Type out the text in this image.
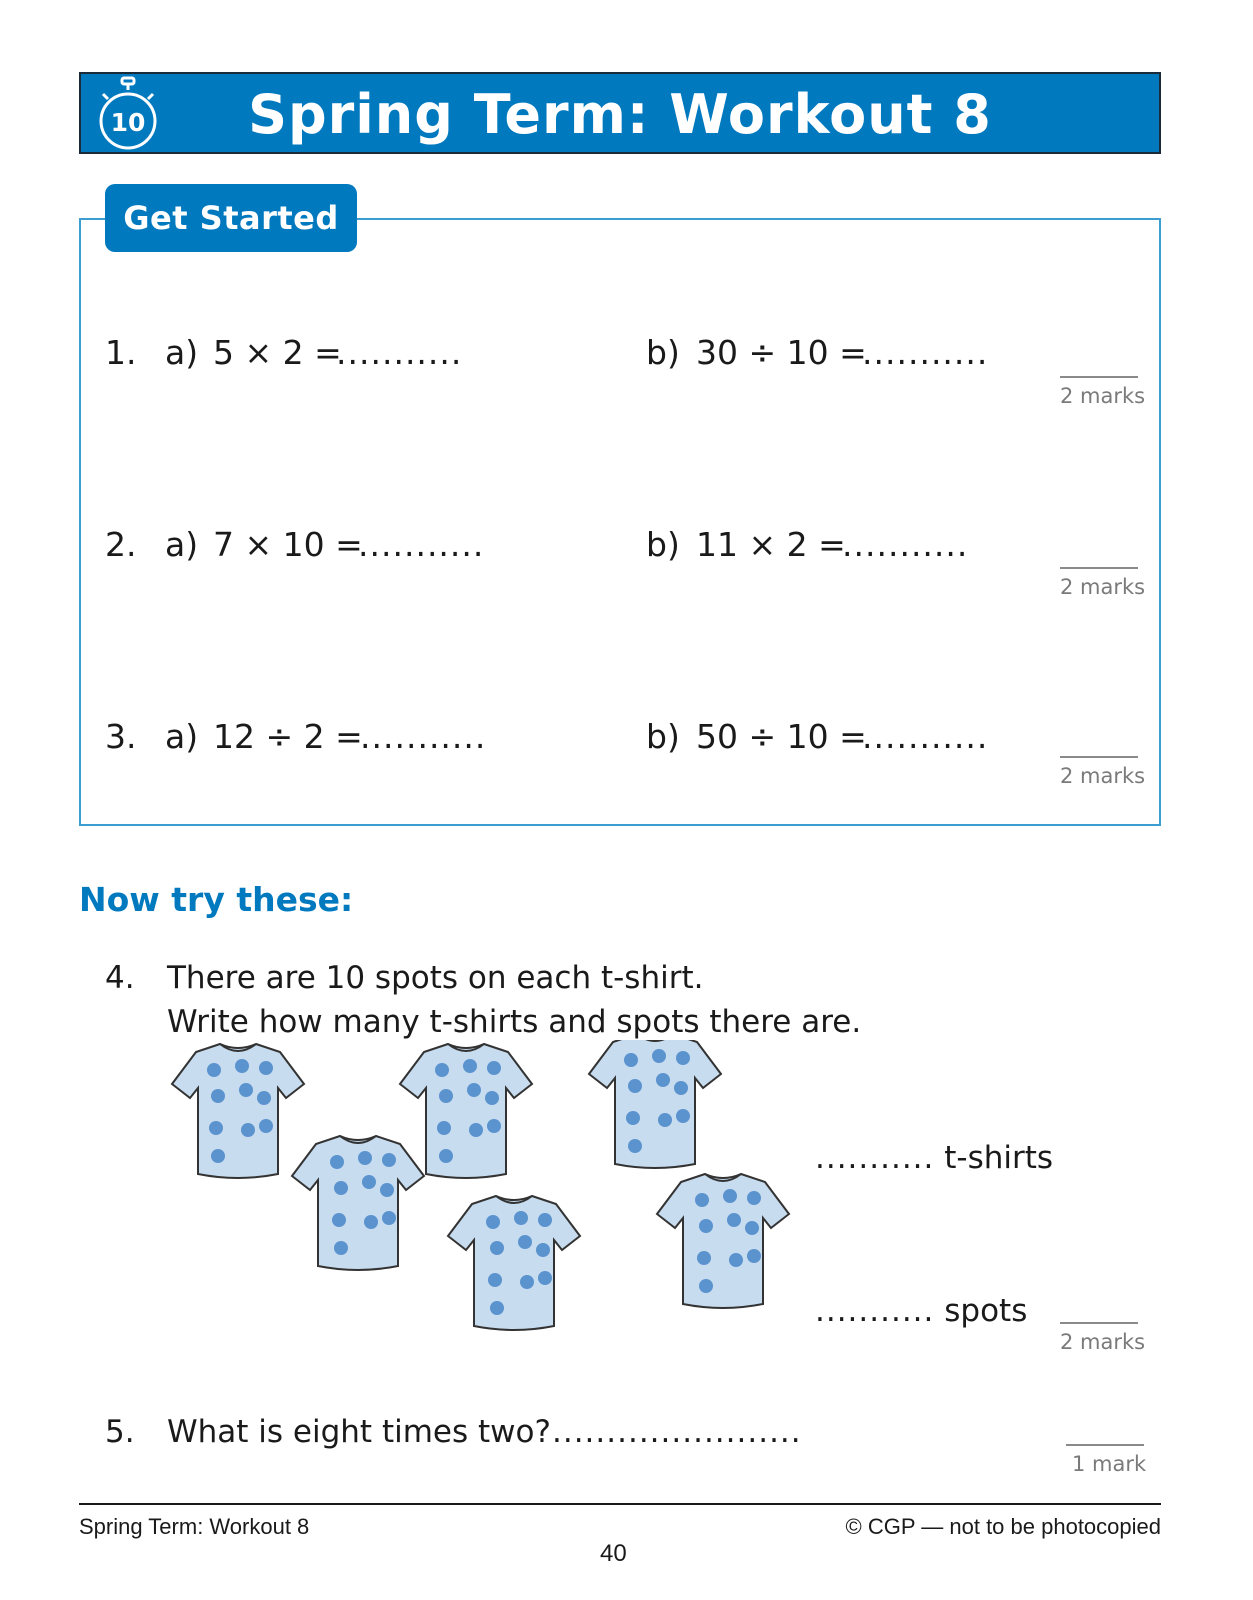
10	Spring Term: Workout 8
Get Started
1. a) 5 × 2 =
...........	b) 30 ÷ 10 =
...........
2 marks
2. a) 7 × 10 =
...........	b) 11 × 2 =
...........
2 marks
3. a) 12 ÷ 2 =
...........	b) 50 ÷ 10 =
...........
2 marks
Now try these:
4. There are 10 spots on each t-shirt.
Write how many t-shirts and spots there are.
........... t-shirts
........... spots
2 marks
5. What is eight times two? .......................
1 mark
Spring Term: Workout 8
40
© CGP — not to be photocopied
